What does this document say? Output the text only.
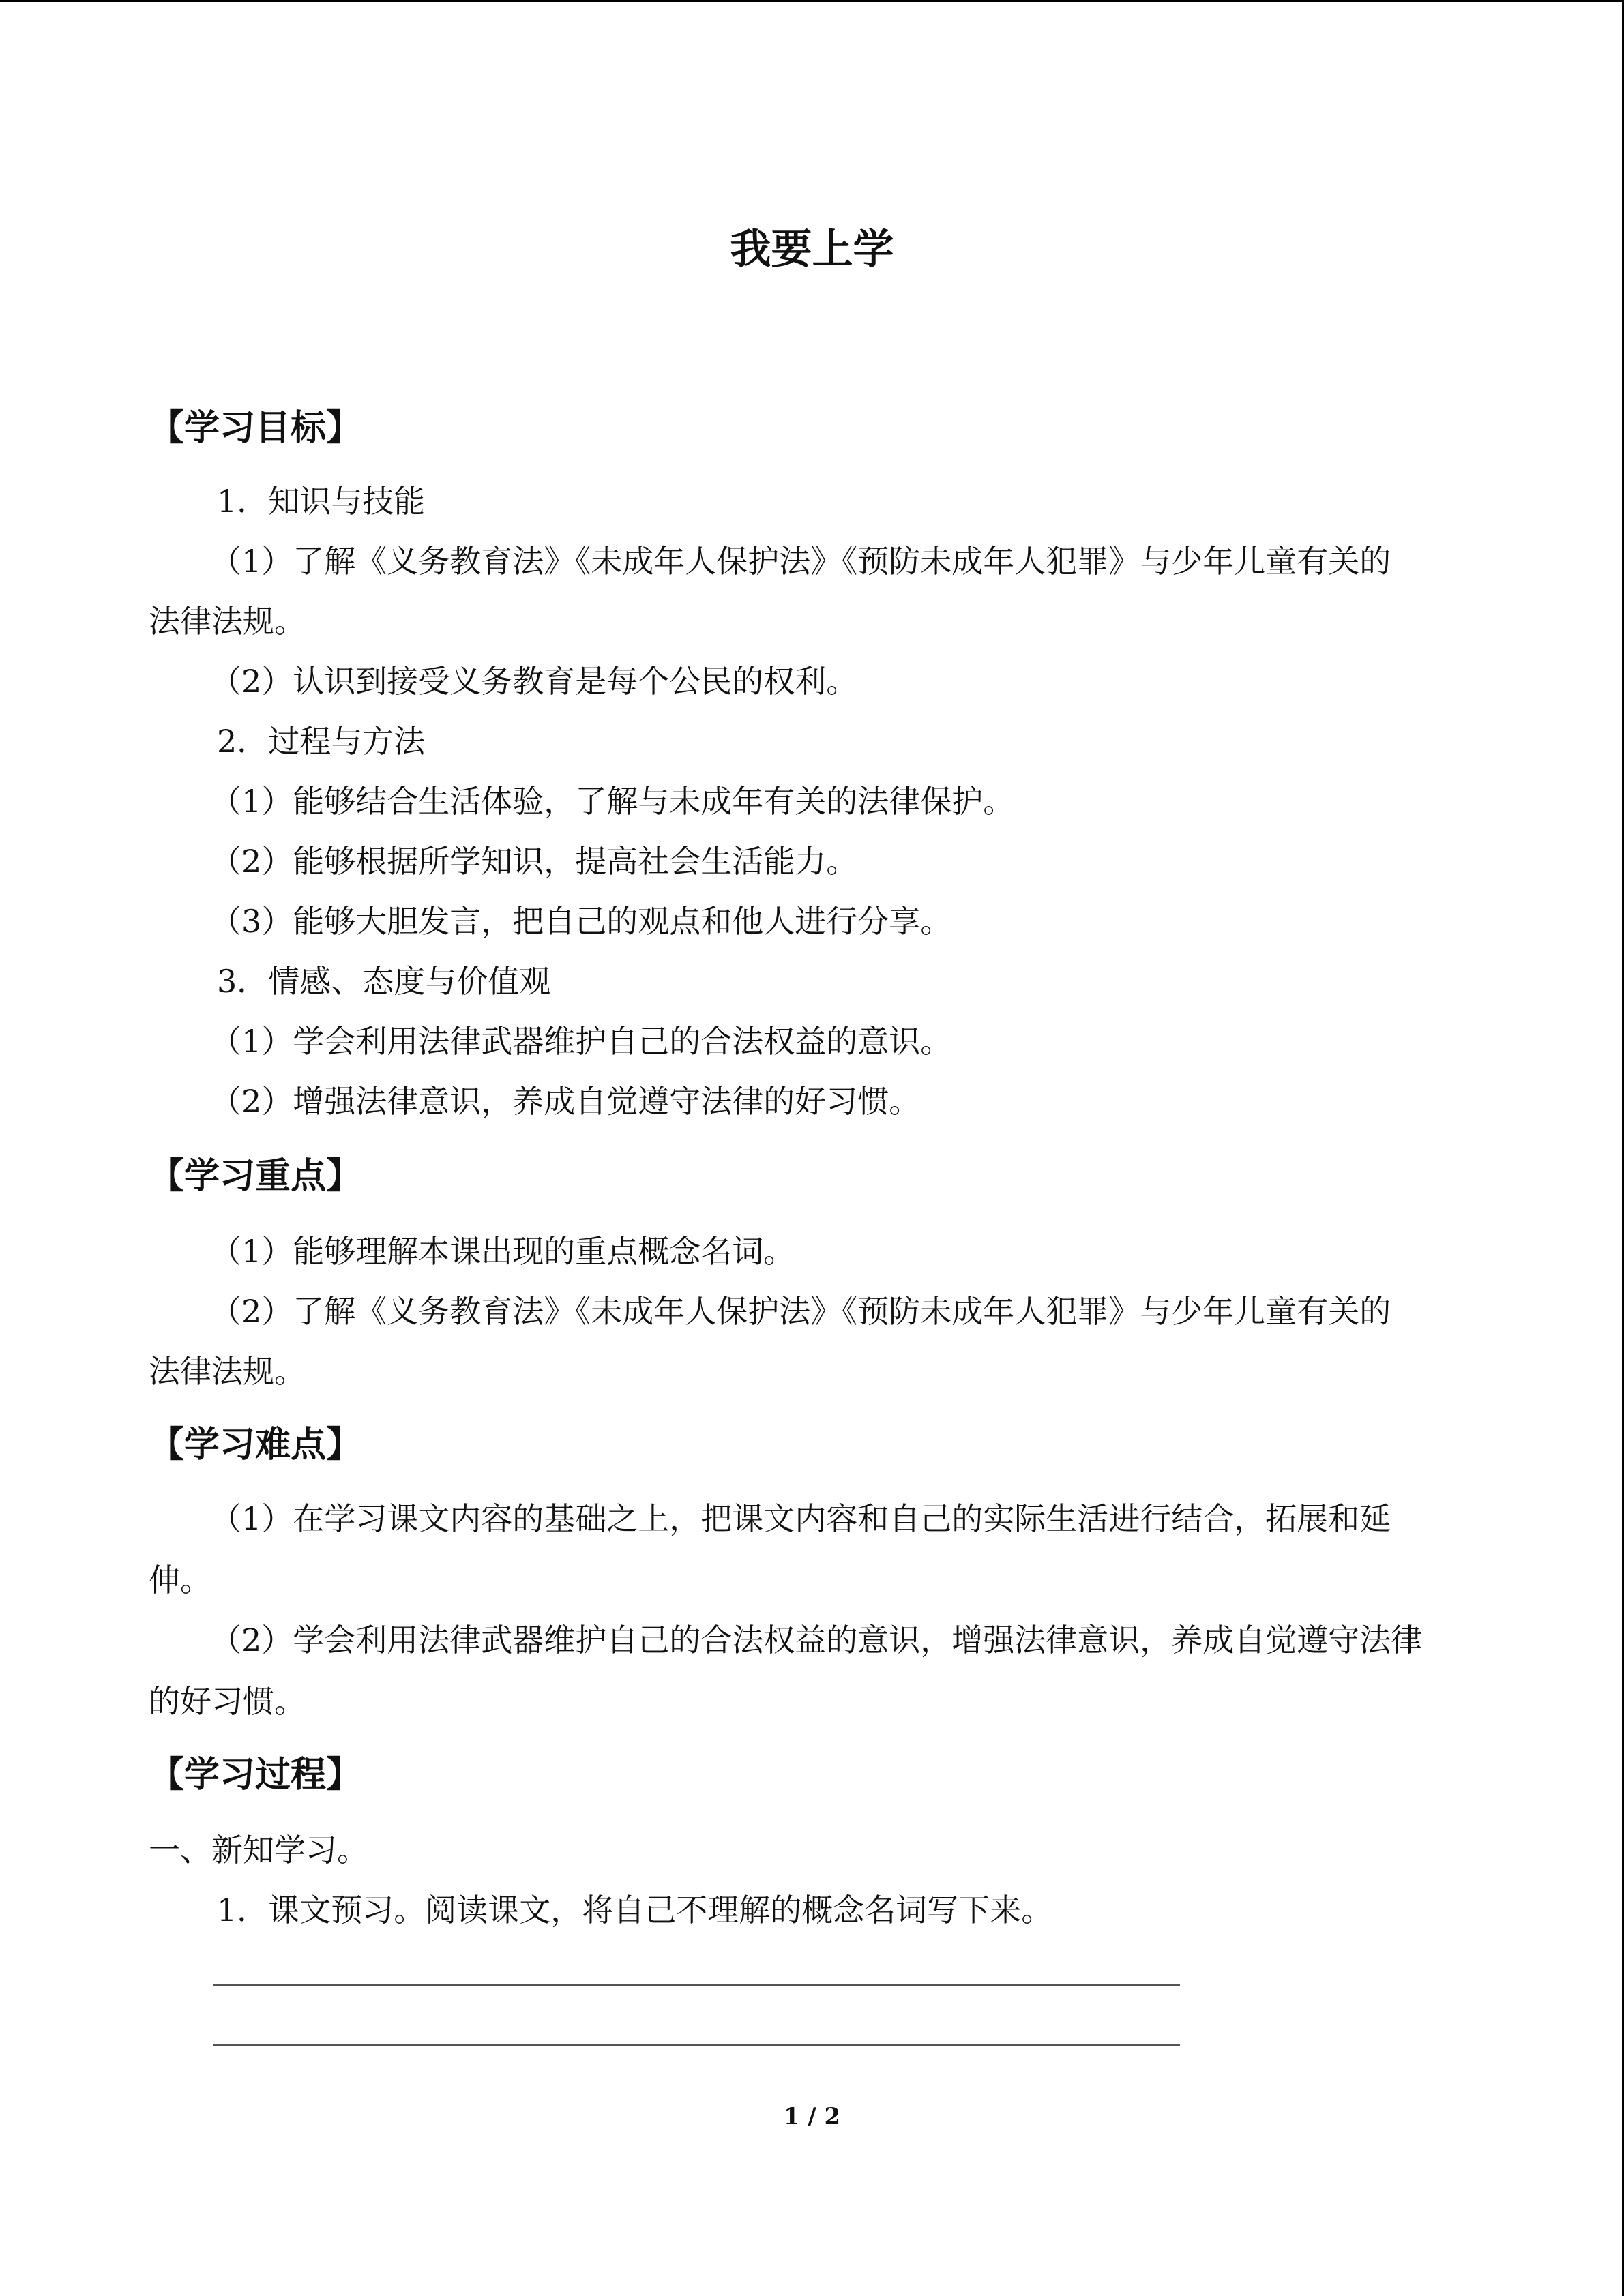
我要上学
【学习目标】
1．知识与技能
（1）了解《义务教育法》《未成年人保护法》《预防未成年人犯罪》与少年儿童有关的
法律法规。
（2）认识到接受义务教育是每个公民的权利。
2．过程与方法
（1）能够结合生活体验，了解与未成年有关的法律保护。
（2）能够根据所学知识，提高社会生活能力。
（3）能够大胆发言，把自己的观点和他人进行分享。
3．情感、态度与价值观
（1）学会利用法律武器维护自己的合法权益的意识。
（2）增强法律意识，养成自觉遵守法律的好习惯。
【学习重点】
（1）能够理解本课出现的重点概念名词。
（2）了解《义务教育法》《未成年人保护法》《预防未成年人犯罪》与少年儿童有关的
法律法规。
【学习难点】
（1）在学习课文内容的基础之上，把课文内容和自己的实际生活进行结合，拓展和延
伸。
（2）学会利用法律武器维护自己的合法权益的意识，增强法律意识，养成自觉遵守法律
的好习惯。
【学习过程】
一、新知学习。
1．课文预习。阅读课文，将自己不理解的概念名词写下来。
1 / 2
